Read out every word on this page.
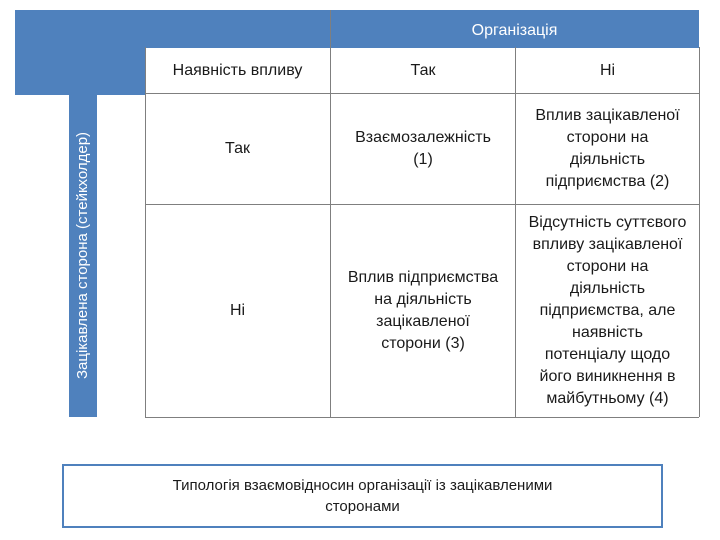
Організація
Зацікавлена сторона (стейкхолдер)
Наявність впливу	Так	Ні
Так
Взаємозалежність
(1)
Вплив зацікавленої
сторони на
діяльність
підприємства (2)
Ні
Вплив підприємства
на діяльність
зацікавленої
сторони (3)
Відсутність суттєвого
впливу зацікавленої
сторони на
діяльність
підприємства, але
наявність
потенціалу щодо
його виникнення в
майбутньому (4)
Типологія взаємовідносин організації із зацікавленими
сторонами
